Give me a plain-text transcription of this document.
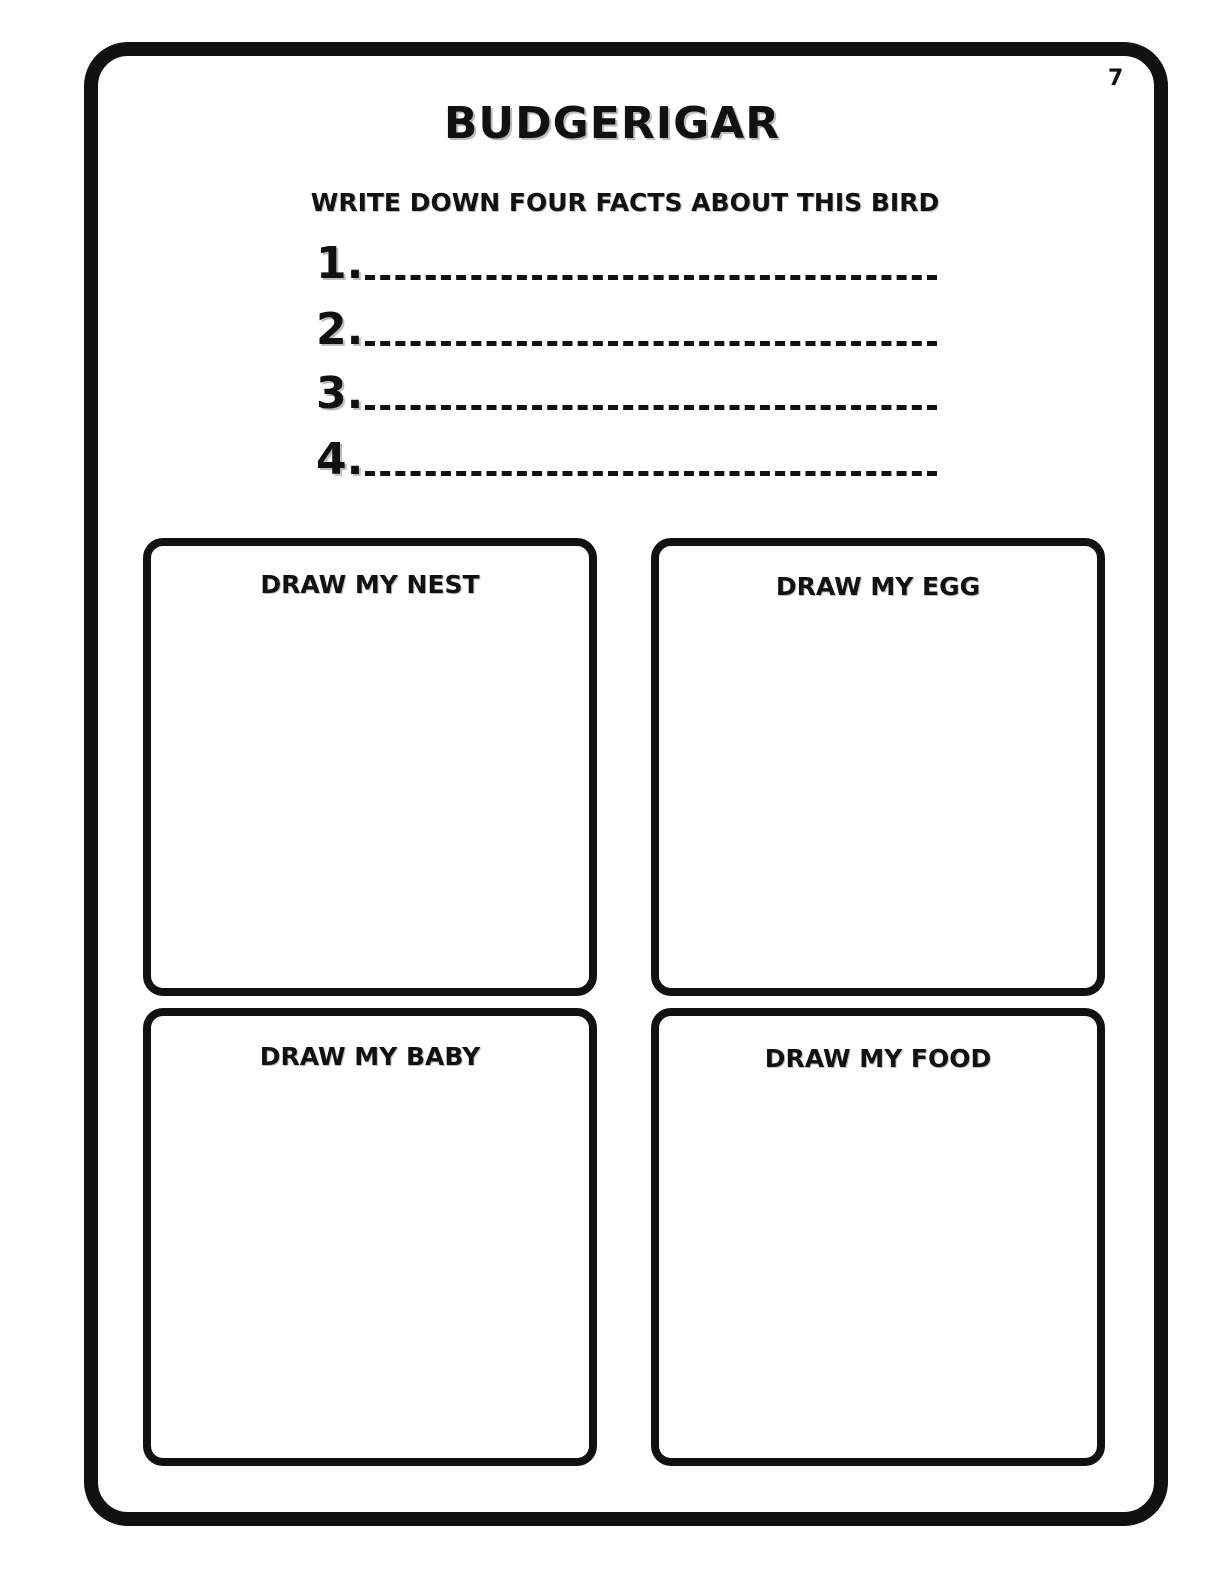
7
BUDGERIGAR
WRITE DOWN FOUR FACTS ABOUT THIS BIRD
1.
2.
3.
4.
DRAW MY NEST	DRAW MY EGG
DRAW MY BABY	DRAW MY FOOD
